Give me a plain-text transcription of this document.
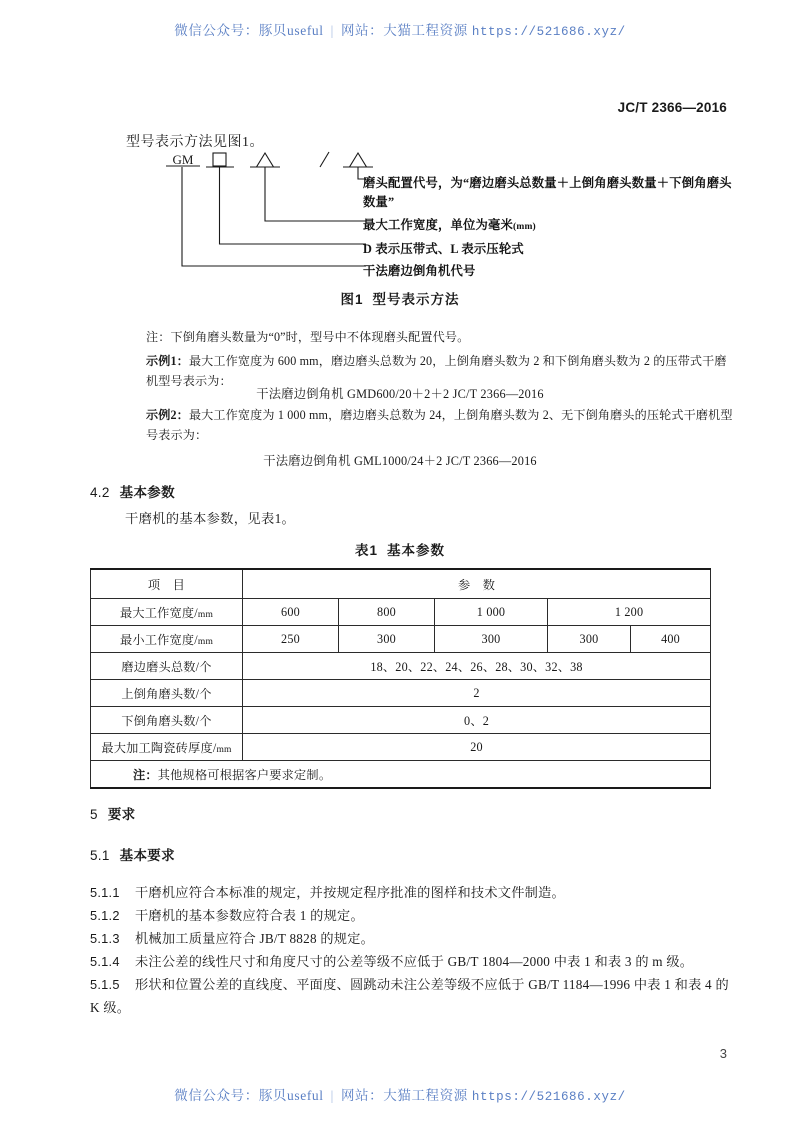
微信公众号：豚贝useful | 网站：大猫工程资源 https://521686.xyz/
JC/T 2366—2016
型号表示方法见图1。
GM
磨头配置代号，为“磨边磨头总数量＋上倒角磨头数量＋下倒角磨头数量”
最大工作宽度，单位为毫米(mm)
D 表示压带式、L 表示压轮式
干法磨边倒角机代号
图1 型号表示方法
注：下倒角磨头数量为“0”时，型号中不体现磨头配置代号。
示例1：最大工作宽度为 600 mm，磨边磨头总数为 20，上倒角磨头数为 2 和下倒角磨头数为 2 的压带式干磨机型号表示为：
干法磨边倒角机 GMD600/20＋2＋2 JC/T 2366—2016
示例2：最大工作宽度为 1 000 mm，磨边磨头总数为 24，上倒角磨头数为 2、无下倒角磨头的压轮式干磨机型号表示为：
干法磨边倒角机 GML1000/24＋2 JC/T 2366—2016
4.2 基本参数
干磨机的基本参数，见表1。
表1 基本参数
项　目	参　数				
最大工作宽度/mm	600	800	1 000	1 200	
最小工作宽度/mm	250	300	300	300	400
磨边磨头总数/个	18、20、22、24、26、28、30、32、38				
上倒角磨头数/个	2				
下倒角磨头数/个	0、2				
最大加工陶瓷砖厚度/mm	20				
注：其他规格可根据客户要求定制。					
5 要求
5.1 基本要求
5.1.1 干磨机应符合本标准的规定，并按规定程序批准的图样和技术文件制造。
5.1.2 干磨机的基本参数应符合表 1 的规定。
5.1.3 机械加工质量应符合 JB/T 8828 的规定。
5.1.4 未注公差的线性尺寸和角度尺寸的公差等级不应低于 GB/T 1804—2000 中表 1 和表 3 的 m 级。
5.1.5 形状和位置公差的直线度、平面度、圆跳动未注公差等级不应低于 GB/T 1184—1996 中表 1 和表 4 的 K 级。
3
微信公众号：豚贝useful | 网站：大猫工程资源 https://521686.xyz/
